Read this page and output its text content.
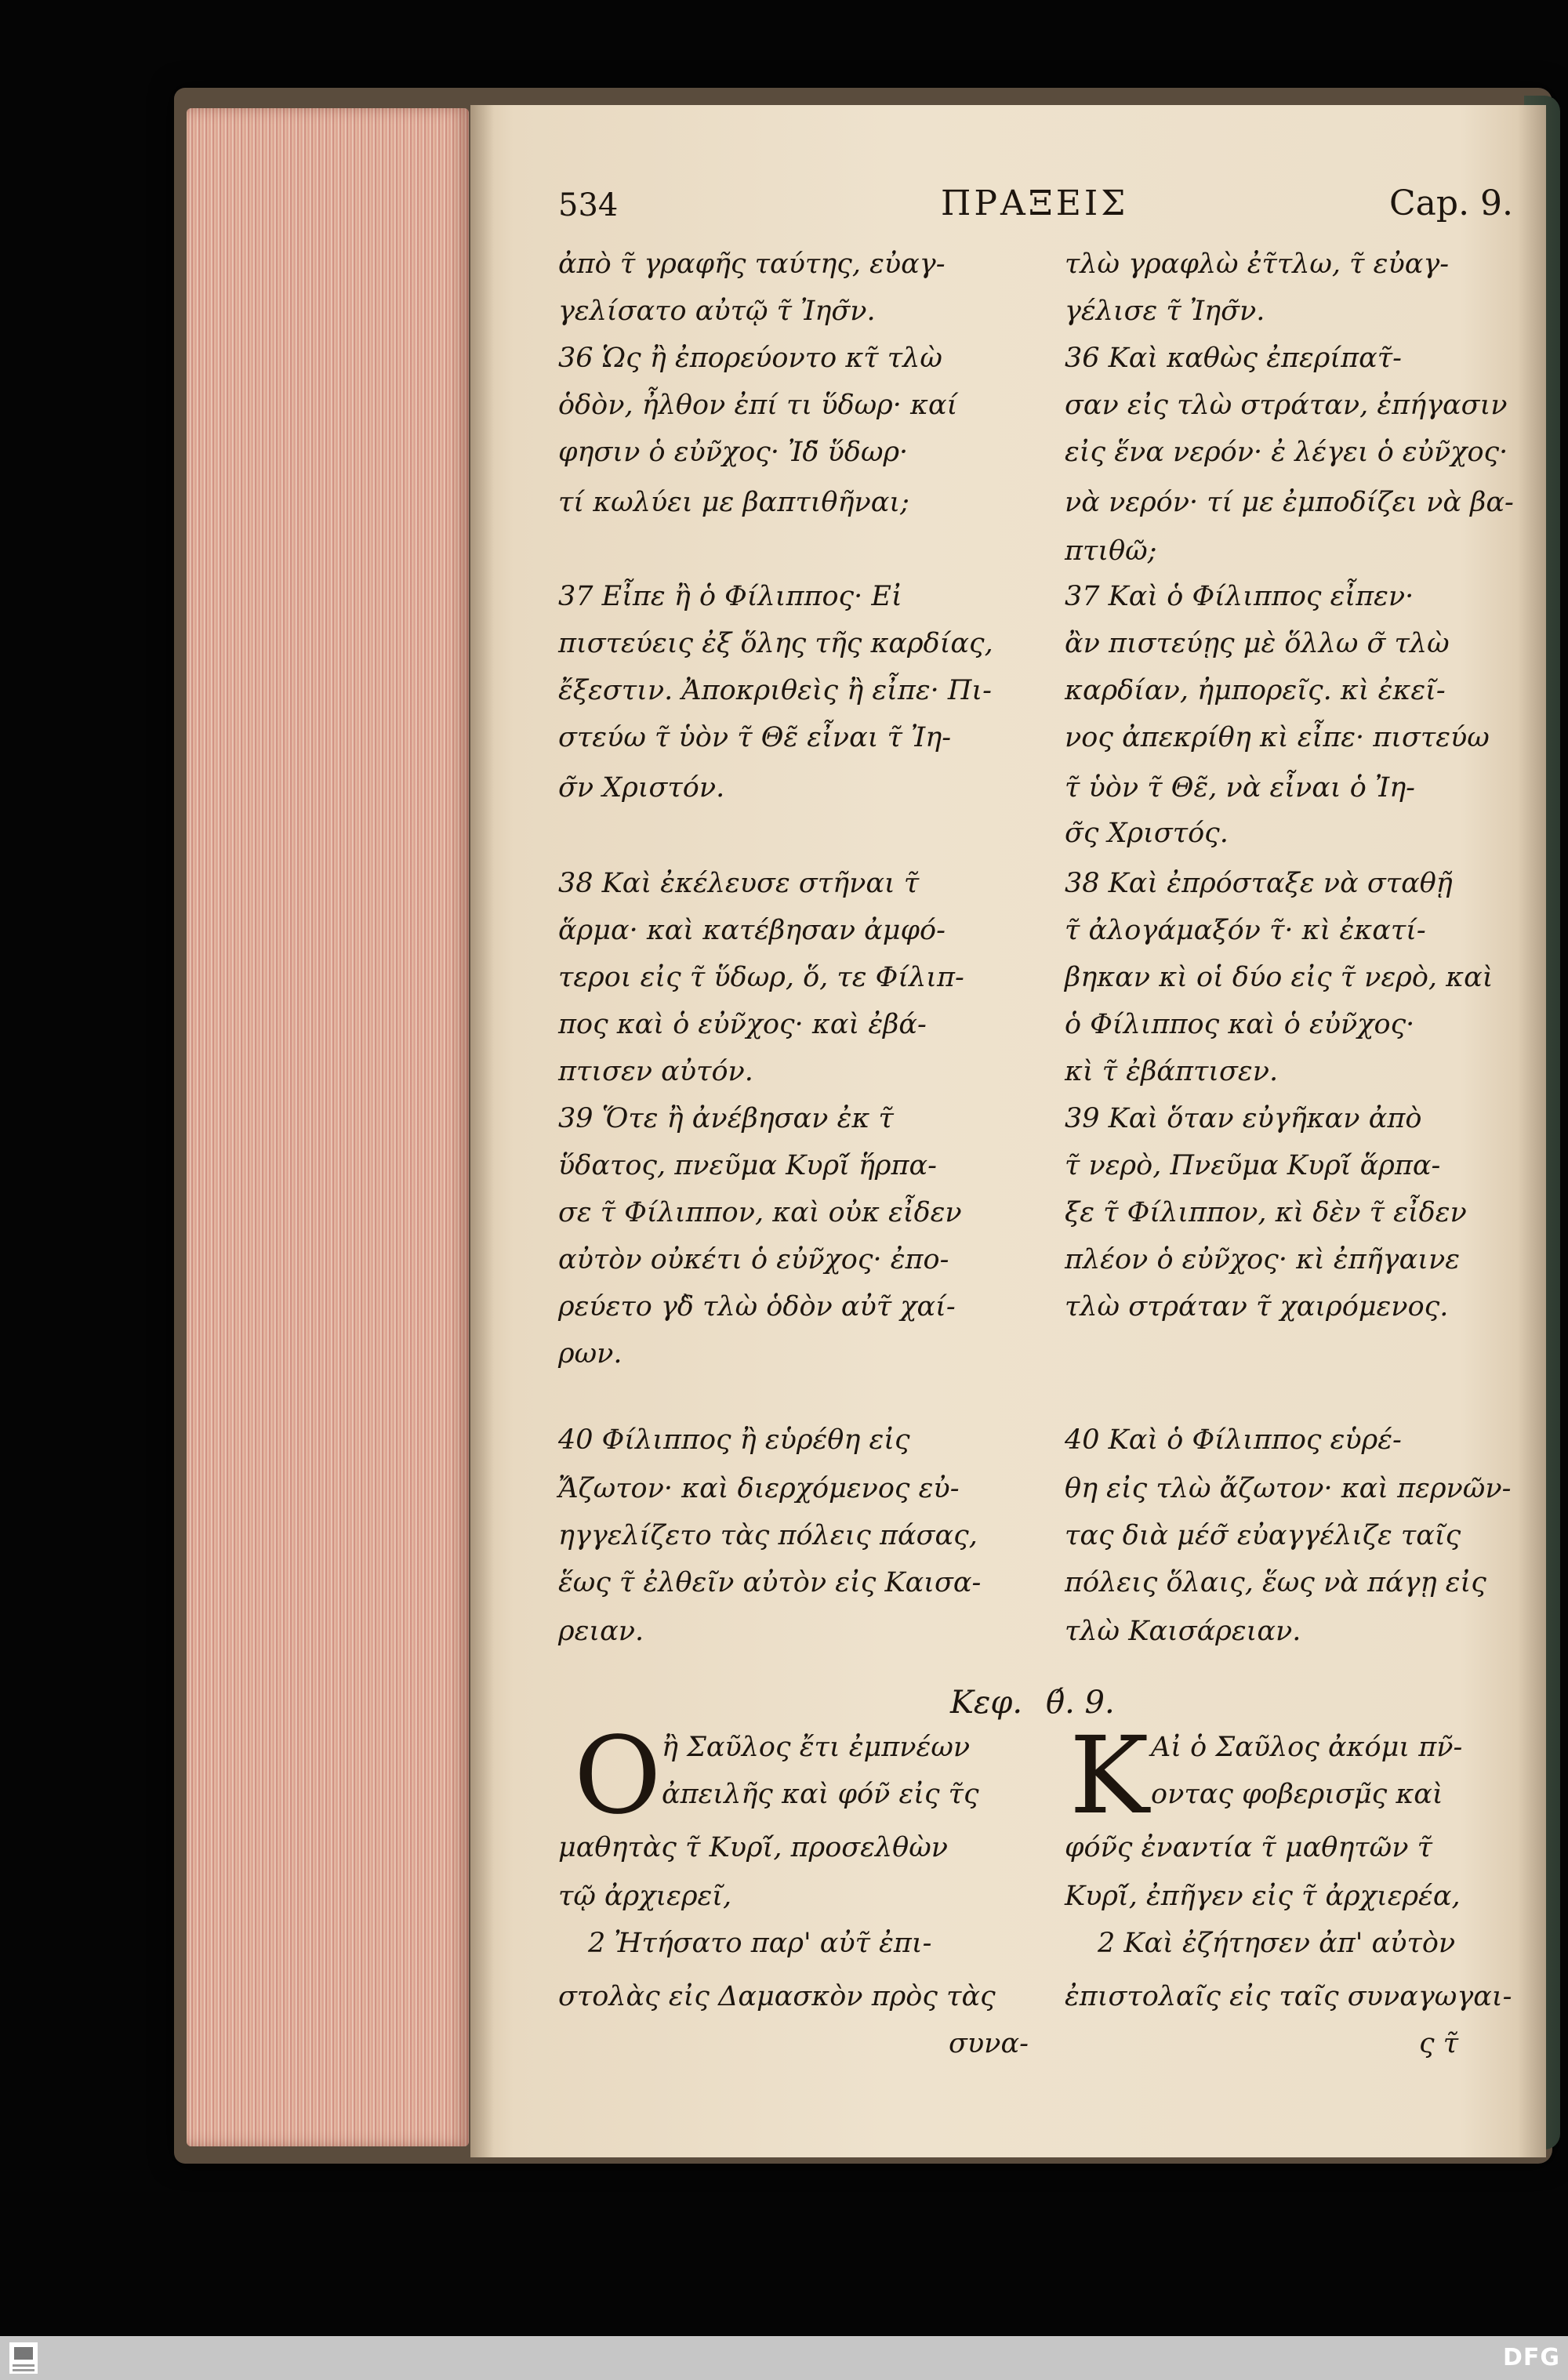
534	ΠΡΑΞΕΙΣ	Cap. 9.
ἀπὸ τ̃ γραφῆς ταύτης, εὐαγ-
γελίσατο αὐτῷ τ̃ Ἰησ̃ν.
36 Ὡς ἢ ἐπορεύοντο κτ̃ τλὼ
ὁδὸν, ἦλθον ἐπί τι ὕδωρ· καί
φησιν ὁ εὐν̃χος· Ἰδ̃ ὕδωρ·
τί κωλύει με βαπτιθῆναι;
37 Εἶπε ἢ ὁ Φίλιππος· Εἰ
πιστεύεις ἐξ ὅλης τῆς καρδίας,
ἔξεστιν. Ἀποκριθεὶς ἢ εἶπε· Πι-
στεύω τ̃ ὑὸν τ̃ Θε̃ εἶναι τ̃ Ἰη-
σ̃ν Χριστόν.
38 Καὶ ἐκέλευσε στῆναι τ̃
ἅρμα· καὶ κατέβησαν ἀμφό-
τεροι εἰς τ̃ ὕδωρ, ὅ, τε Φίλιπ-
πος καὶ ὁ εὐν̃χος· καὶ ἐβά-
πτισεν αὐτόν.
39 Ὅτε ἢ ἀνέβησαν ἐκ τ̃
ὕδατος, πνεῦμα Κυρί̃ ἥρπα-
σε τ̃ Φίλιππον, καὶ οὐκ εἶδεν
αὐτὸν οὐκέτι ὁ εὐν̃χος· ἐπο-
ρεύετο γδ̀ τλὼ ὁδὸν αὐτ̃ χαί-
ρων.
40 Φίλιππος ἢ εὑρέθη εἰς
Ἄζωτον· καὶ διερχόμενος εὐ-
ηγγελίζετο τὰς πόλεις πάσας,
ἕως τ̃ ἐλθεῖν αὐτὸν εἰς Καισα-
ρειαν.
τλὼ γραφλὼ ἐτ̃τλω, τ̃ εὐαγ-
γέλισε τ̃ Ἰησ̃ν.
36 Καὶ καθὼς ἐπερίπατ̃-
σαν εἰς τλὼ στράταν, ἐπήγασιν
εἰς ἕνα νερόν· ἐ λέγει ὁ εὐν̃χος·
νὰ νερόν· τί με ἐμποδίζει νὰ βα-
πτιθῶ;
37 Καὶ ὁ Φίλιππος εἶπεν·
ἂν πιστεύῃς μὲ ὅλλω σ̃ τλὼ
καρδίαν, ἠμπορεῖς. κὶ ἐκεῖ-
νος ἀπεκρίθη κὶ εἶπε· πιστεύω
τ̃ ὑὸν τ̃ Θε̃, νὰ εἶναι ὁ Ἰη-
σ̃ς Χριστός.
38 Καὶ ἐπρόσταξε νὰ σταθῇ
τ̃ ἀλογάμαξόν τ̃· κὶ ἐκατί-
βηκαν κὶ οἱ δύο εἰς τ̃ νερὸ, καὶ
ὁ Φίλιππος καὶ ὁ εὐν̃χος·
κὶ τ̃ ἐβάπτισεν.
39 Καὶ ὅταν εὐγῆκαν ἀπὸ
τ̃ νερὸ, Πνεῦμα Κυρί̃ ἅρπα-
ξε τ̃ Φίλιππον, κὶ δὲν τ̃ εἶδεν
πλέον ὁ εὐν̃χος· κὶ ἐπῆγαινε
τλὼ στράταν τ̃ χαιρόμενος.
40 Καὶ ὁ Φίλιππος εὑρέ-
θη εἰς τλὼ ἄζωτον· καὶ περνῶν-
τας διὰ μέσ̃ εὐαγγέλιζε ταῖς
πόλεις ὅλαις, ἕως νὰ πάγῃ εἰς
τλὼ Καισάρειαν.
Κεφ. θ́. 9.
Ο	Κ
ἢ Σαῦλος ἔτι ἐμπνέων
ἀπειλῆς καὶ φόν̃ εἰς τ̃ς
μαθητὰς τ̃ Κυρί̃, προσελθὼν
τῷ ἀρχιερεῖ,
2 Ἠτήσατο παρ' αὐτ̃ ἐπι-
στολὰς εἰς Δαμασκὸν πρὸς τὰς
συνα-
Αἰ ὁ Σαῦλος ἀκόμι πν̃-
οντας φοβερισμ̃ς καὶ
φόν̃ς ἐναντία τ̃ μαθητῶν τ̃
Κυρί̃, ἐπῆγεν εἰς τ̃ ἀρχιερέα,
2 Καὶ ἐζήτησεν ἀπ' αὐτὸν
ἐπιστολαῖς εἰς ταῖς συναγωγαι-
ς τ̃
DFG
